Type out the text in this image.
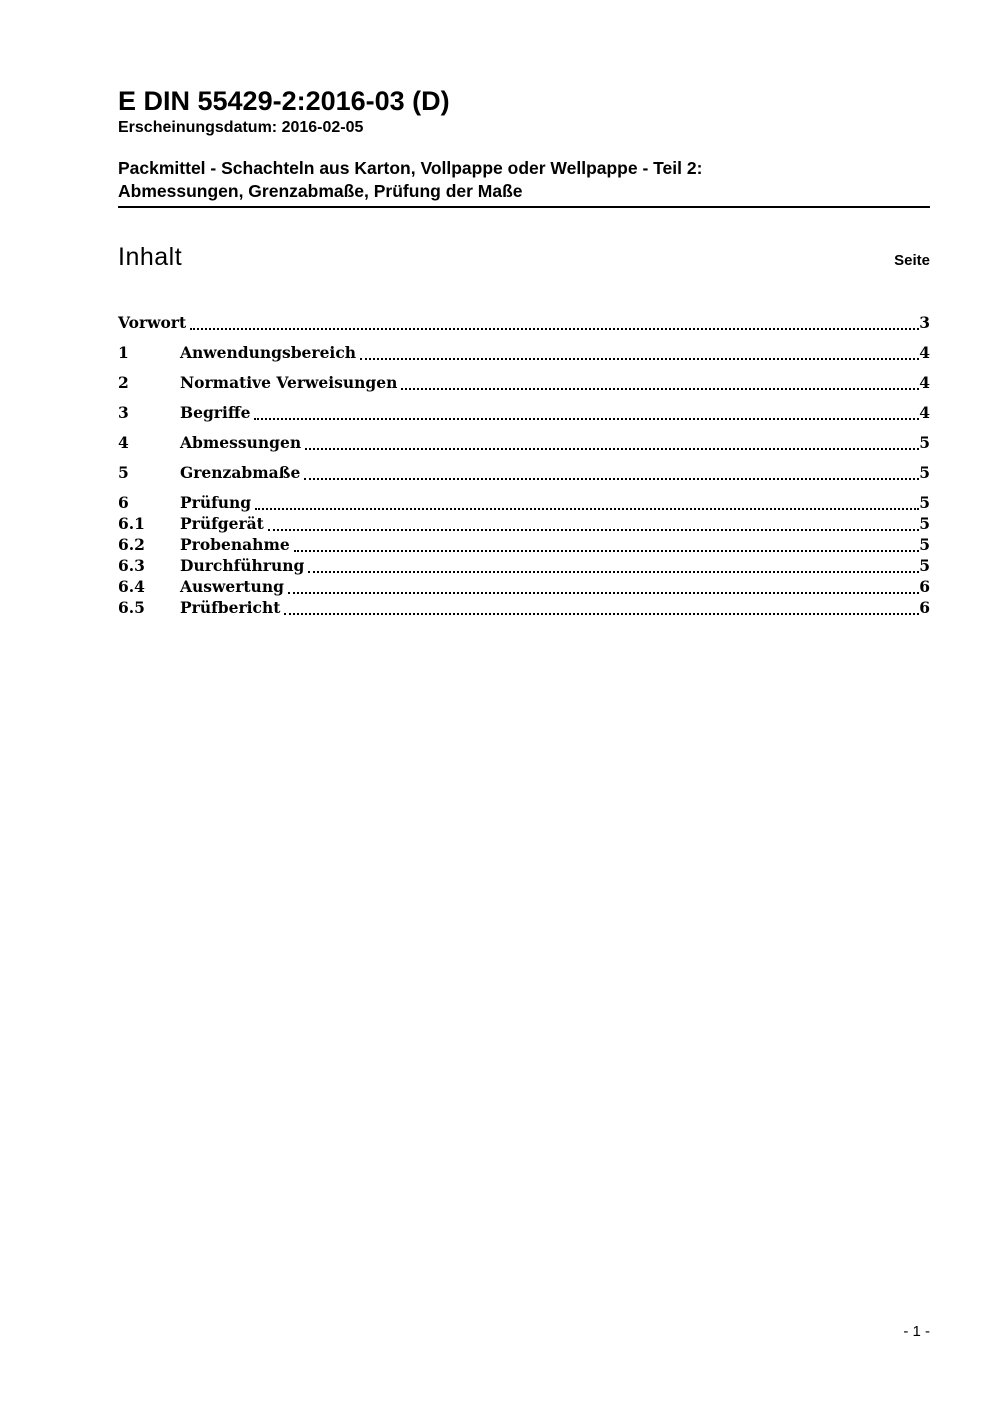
E DIN 55429-2:2016-03 (D)
Erscheinungsdatum: 2016-02-05
Packmittel - Schachteln aus Karton, Vollpappe oder Wellpappe - Teil 2:
Abmessungen, Grenzabmaße, Prüfung der Maße
Inhalt	Seite
Vorwort	3
1	Anwendungsbereich	4
2	Normative Verweisungen	4
3	Begriffe	4
4	Abmessungen	5
5	Grenzabmaße	5
6	Prüfung	5
6.1	Prüfgerät	5
6.2	Probenahme	5
6.3	Durchführung	5
6.4	Auswertung	6
6.5	Prüfbericht	6
- 1 -
